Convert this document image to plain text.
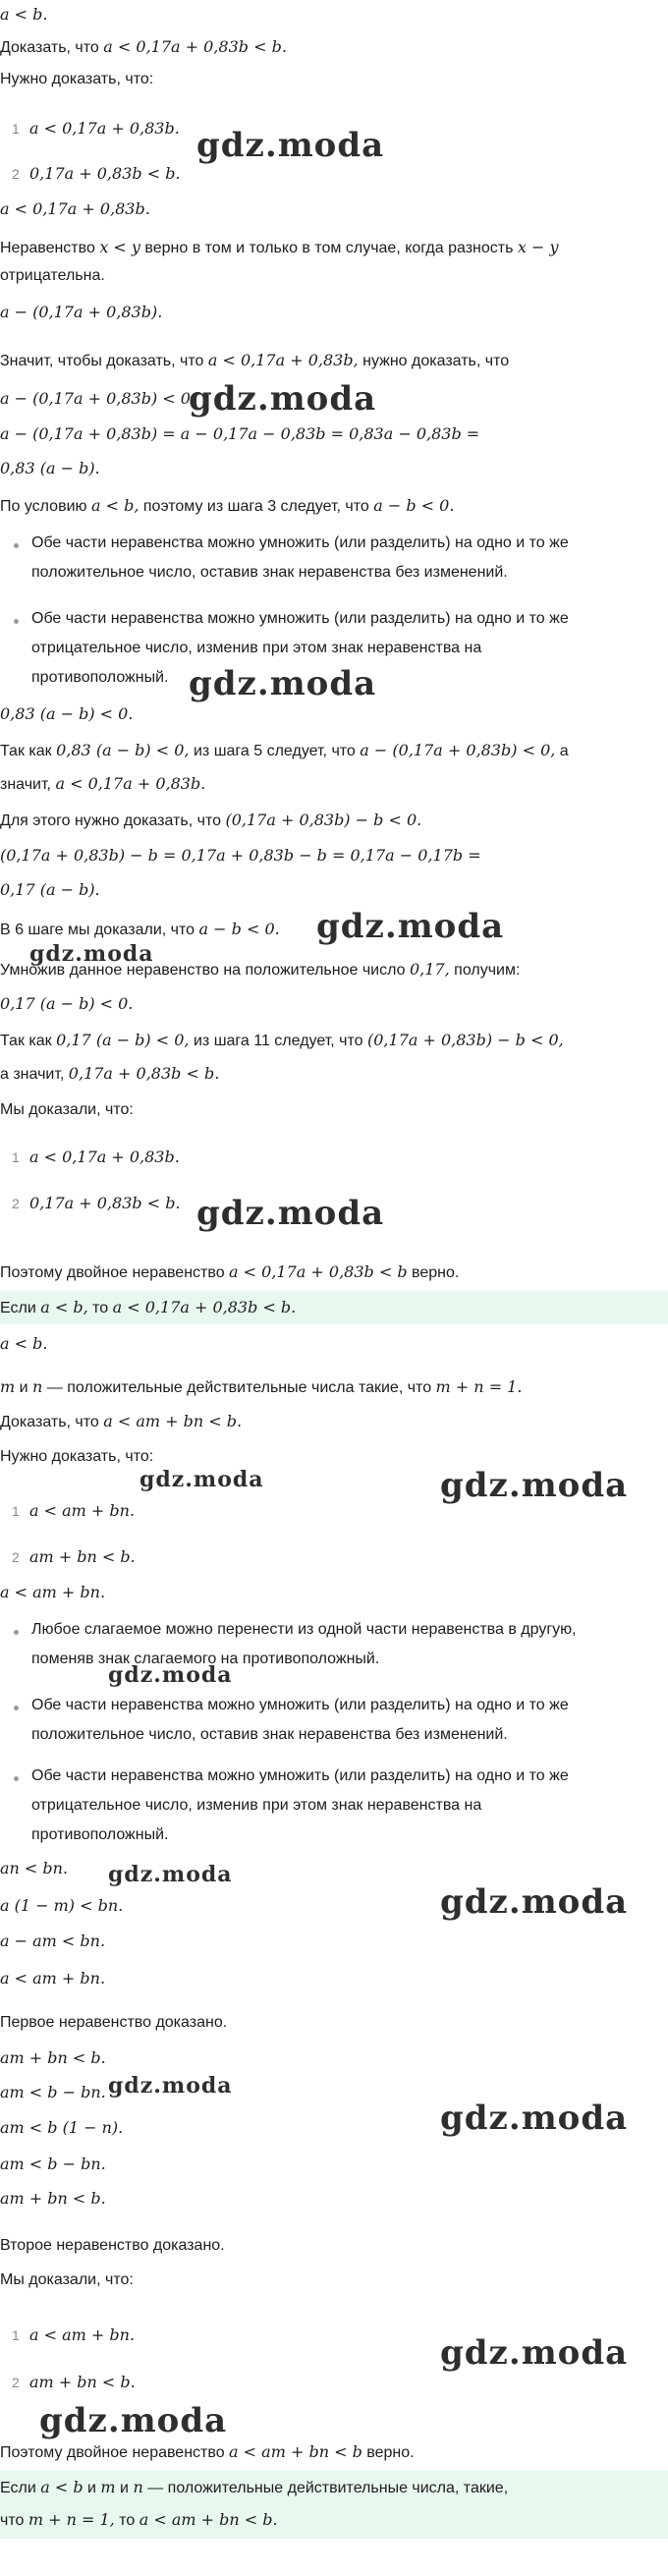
a < b.
Доказать, что a < 0,17a + 0,83b < b.
Нужно доказать, что:
1 a < 0,17a + 0,83b.
2 0,17a + 0,83b < b.
a < 0,17a + 0,83b.
Неравенство x < y верно в том и только в том случае, когда разность x − y
отрицательна.
a − (0,17a + 0,83b).
Значит, чтобы доказать, что a < 0,17a + 0,83b, нужно доказать, что
a − (0,17a + 0,83b) < 0.
a − (0,17a + 0,83b) = a − 0,17a − 0,83b = 0,83a − 0,83b =
0,83 (a − b).
По условию a < b, поэтому из шага 3 следует, что a − b < 0.
Обе части неравенства можно умножить (или разделить) на одно и то же
положительное число, оставив знак неравенства без изменений.
Обе части неравенства можно умножить (или разделить) на одно и то же
отрицательное число, изменив при этом знак неравенства на
противоположный.
0,83 (a − b) < 0.
Так как 0,83 (a − b) < 0, из шага 5 следует, что a − (0,17a + 0,83b) < 0, а
значит, a < 0,17a + 0,83b.
Для этого нужно доказать, что (0,17a + 0,83b) − b < 0.
(0,17a + 0,83b) − b = 0,17a + 0,83b − b = 0,17a − 0,17b =
0,17 (a − b).
В 6 шаге мы доказали, что a − b < 0.
Умножив данное неравенство на положительное число 0,17, получим:
0,17 (a − b) < 0.
Так как 0,17 (a − b) < 0, из шага 11 следует, что (0,17a + 0,83b) − b < 0,
а значит, 0,17a + 0,83b < b.
Мы доказали, что:
1 a < 0,17a + 0,83b.
2 0,17a + 0,83b < b.
Поэтому двойное неравенство a < 0,17a + 0,83b < b верно.
Если a < b, то a < 0,17a + 0,83b < b.
a < b.
m и n — положительные действительные числа такие, что m + n = 1.
Доказать, что a < am + bn < b.
Нужно доказать, что:
1 a < am + bn.
2 am + bn < b.
a < am + bn.
Любое слагаемое можно перенести из одной части неравенства в другую,
поменяв знак слагаемого на противоположный.
Обе части неравенства можно умножить (или разделить) на одно и то же
положительное число, оставив знак неравенства без изменений.
Обе части неравенства можно умножить (или разделить) на одно и то же
отрицательное число, изменив при этом знак неравенства на
противоположный.
an < bn.
a (1 − m) < bn.
a − am < bn.
a < am + bn.
Первое неравенство доказано.
am + bn < b.
am < b − bn.
am < b (1 − n).
am < b − bn.
am + bn < b.
Второе неравенство доказано.
Мы доказали, что:
1 a < am + bn.
2 am + bn < b.
Поэтому двойное неравенство a < am + bn < b верно.
Если a < b и m и n — положительные действительные числа, такие,
что m + n = 1, то a < am + bn < b.
gdz.moda
gdz.moda
gdz.moda
gdz.moda
gdz.moda
gdz.moda
gdz.moda	gdz.moda
gdz.moda
gdz.moda
gdz.moda
gdz.moda
gdz.moda
gdz.moda
gdz.moda
